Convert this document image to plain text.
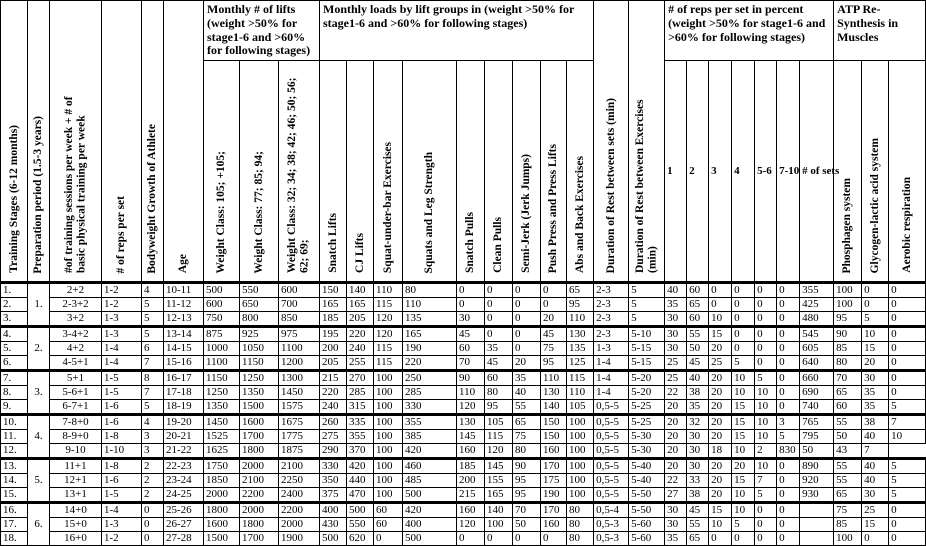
Training Stages (6-12 months)	Preparation period (1.5-3 years)	#of training sessions per week + # of basic physical training per week	# of reps per set	Bodyweight Growth of Athlete	Age	Monthly # of lifts (weight >50% for stage1-6 and >60% for following stages)			Monthly loads by lift groups in (weight >50% for stage1-6 and >60% for following stages)									Duration of Rest between sets (min)	Duration of Rest between Exercises (min)	# of reps per set in percent (weight >50% for stage1-6 and >60% for following stages)							ATP Re-Synthesis in Muscles		

						Weight Class: 105; +105;	Weight Class: 77; 85; 94;	Weight Class: 32; 34; 38; 42; 46; 50; 56; 62; 69;	Snatch Lifts	CJ Lifts	Squat-under-bar Exercises	Squats and Leg Strength	Snatch Pulls	Clean Pulls	Semi-Jerk (Jerk Jumps)	Push Press and Press Lifts	Abs and Back Exercises			1	2	3	4	5-6	7-10	# of sets	Phosphagen system	Glycogen-lactic acid system	Aerobic respiration

1.	1.	2+2	1-2	4	10-11	500	550	600	150	140	110	80	0	0	0	0	65	2-3	5	40	60	0	0	0	0	355	100	0	0
2.		2-3+2	1-2	5	11-12	600	650	700	165	165	115	110	0	0	0	0	95	2-3	5	35	65	0	0	0	0	425	100	0	0
3.		3+2	1-3	5	12-13	750	800	850	185	205	120	135	30	0	0	20	110	2-3	5	30	60	10	0	0	0	480	95	5	0
4.	2.	3-4+2	1-3	5	13-14	875	925	975	195	220	120	165	45	0	0	45	130	2-3	5-10	30	55	15	0	0	0	545	90	10	0
5.		4+2	1-4	6	14-15	1000	1050	1100	200	240	115	190	60	35	0	75	135	1-3	5-15	30	50	20	0	0	0	605	85	15	0
6.		4-5+1	1-4	7	15-16	1100	1150	1200	205	255	115	220	70	45	20	95	125	1-4	5-15	25	45	25	5	0	0	640	80	20	0
7.	3.	5+1	1-5	8	16-17	1150	1250	1300	215	270	100	250	90	60	35	110	115	1-4	5-20	25	40	20	10	5	0	660	70	30	0
8.		5-6+1	1-5	7	17-18	1250	1350	1450	220	285	100	285	110	80	40	130	110	1-4	5-20	22	38	20	10	10	0	690	65	35	0
9.		6-7+1	1-6	5	18-19	1350	1500	1575	240	315	100	330	120	95	55	140	105	0,5-5	5-25	20	35	20	15	10	0	740	60	35	5
10.	4.	7-8+0	1-6	4	19-20	1450	1600	1675	260	335	100	355	130	105	65	150	100	0,5-5	5-25	20	32	20	15	10	3	765	55	38	7
11.		8-9+0	1-8	3	20-21	1525	1700	1775	275	355	100	385	145	115	75	150	100	0,5-5	5-30	20	30	20	15	10	5	795	50	40	10
12.		9-10	1-10	3	21-22	1625	1800	1875	290	370	100	420	160	120	80	160	100	0,5-5	5-30	20	30	18	10	2	830	50	43	7	
13.	5.	11+1	1-8	2	22-23	1750	2000	2100	330	420	100	460	185	145	90	170	100	0,5-5	5-40	20	30	20	20	10	0	890	55	40	5
14.		12+1	1-6	2	23-24	1850	2100	2250	350	440	100	485	200	155	95	175	100	0,5-5	5-40	22	33	20	15	7	0	920	55	40	5
15.		13+1	1-5	2	24-25	2000	2200	2400	375	470	100	500	215	165	95	190	100	0,5-5	5-50	27	38	20	10	5	0	930	65	30	5
16.	6.	14+0	1-4	0	25-26	1800	2000	2200	400	500	60	420	160	140	70	170	80	0,5-4	5-50	30	45	15	10	0	0		75	25	0
17.		15+0	1-3	0	26-27	1600	1800	2000	430	550	60	400	120	100	50	160	80	0,5-3	5-60	30	55	10	5	0	0		85	15	0
18.		16+0	1-2	0	27-28	1500	1700	1900	500	620	0	500	0	0	0	0	80	0,5-3	5-60	35	65	0	0	0	0		100	0	0
